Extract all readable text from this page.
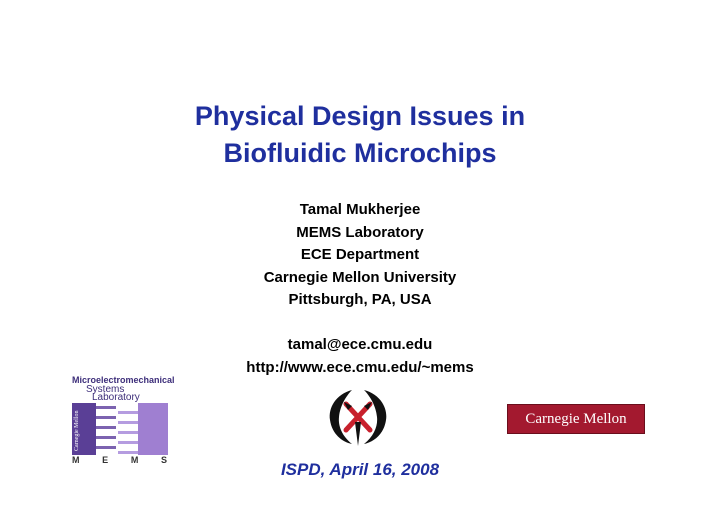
Physical Design Issues in
Biofluidic Microchips
Tamal Mukherjee
MEMS Laboratory
ECE Department
Carnegie Mellon University
Pittsburgh, PA, USA
tamal@ece.cmu.edu
http://www.ece.cmu.edu/~mems
Microelectromechanical
Systems
Laboratory
Carnegie Mellon
M E M S
Carnegie Mellon
ISPD, April 16, 2008
